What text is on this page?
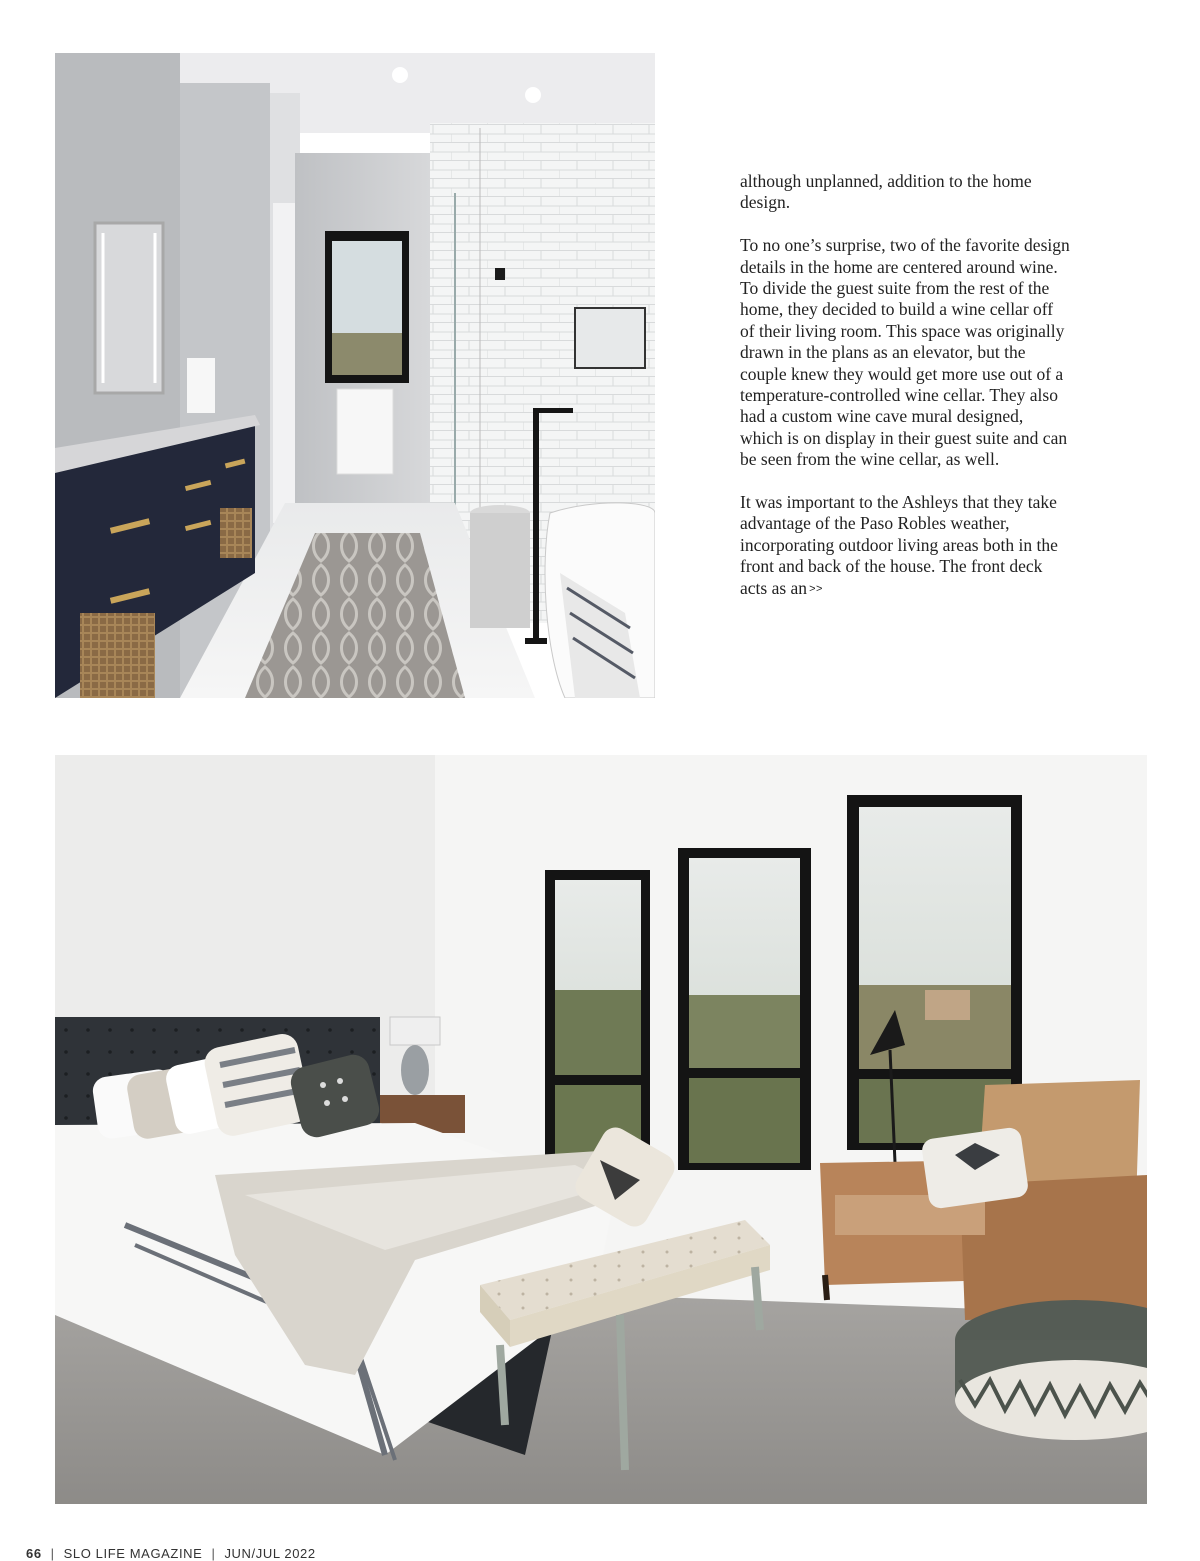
although unplanned, addition to the home design.

To no one’s surprise, two of the favorite design details in the home are centered around wine. To divide the guest suite from the rest of the home, they decided to build a wine cellar off of their living room. This space was originally drawn in the plans as an elevator, but the couple knew they would get more use out of a temperature-controlled wine cellar. They also had a custom wine cave mural designed, which is on display in their guest suite and can be seen from the wine cellar, as well.

It was important to the Ashleys that they take advantage of the Paso Robles weather, incorporating outdoor living areas both in the front and back of the house. The front deck acts as an >>

66 | SLO LIFE MAGAZINE | JUN/JUL 2022
